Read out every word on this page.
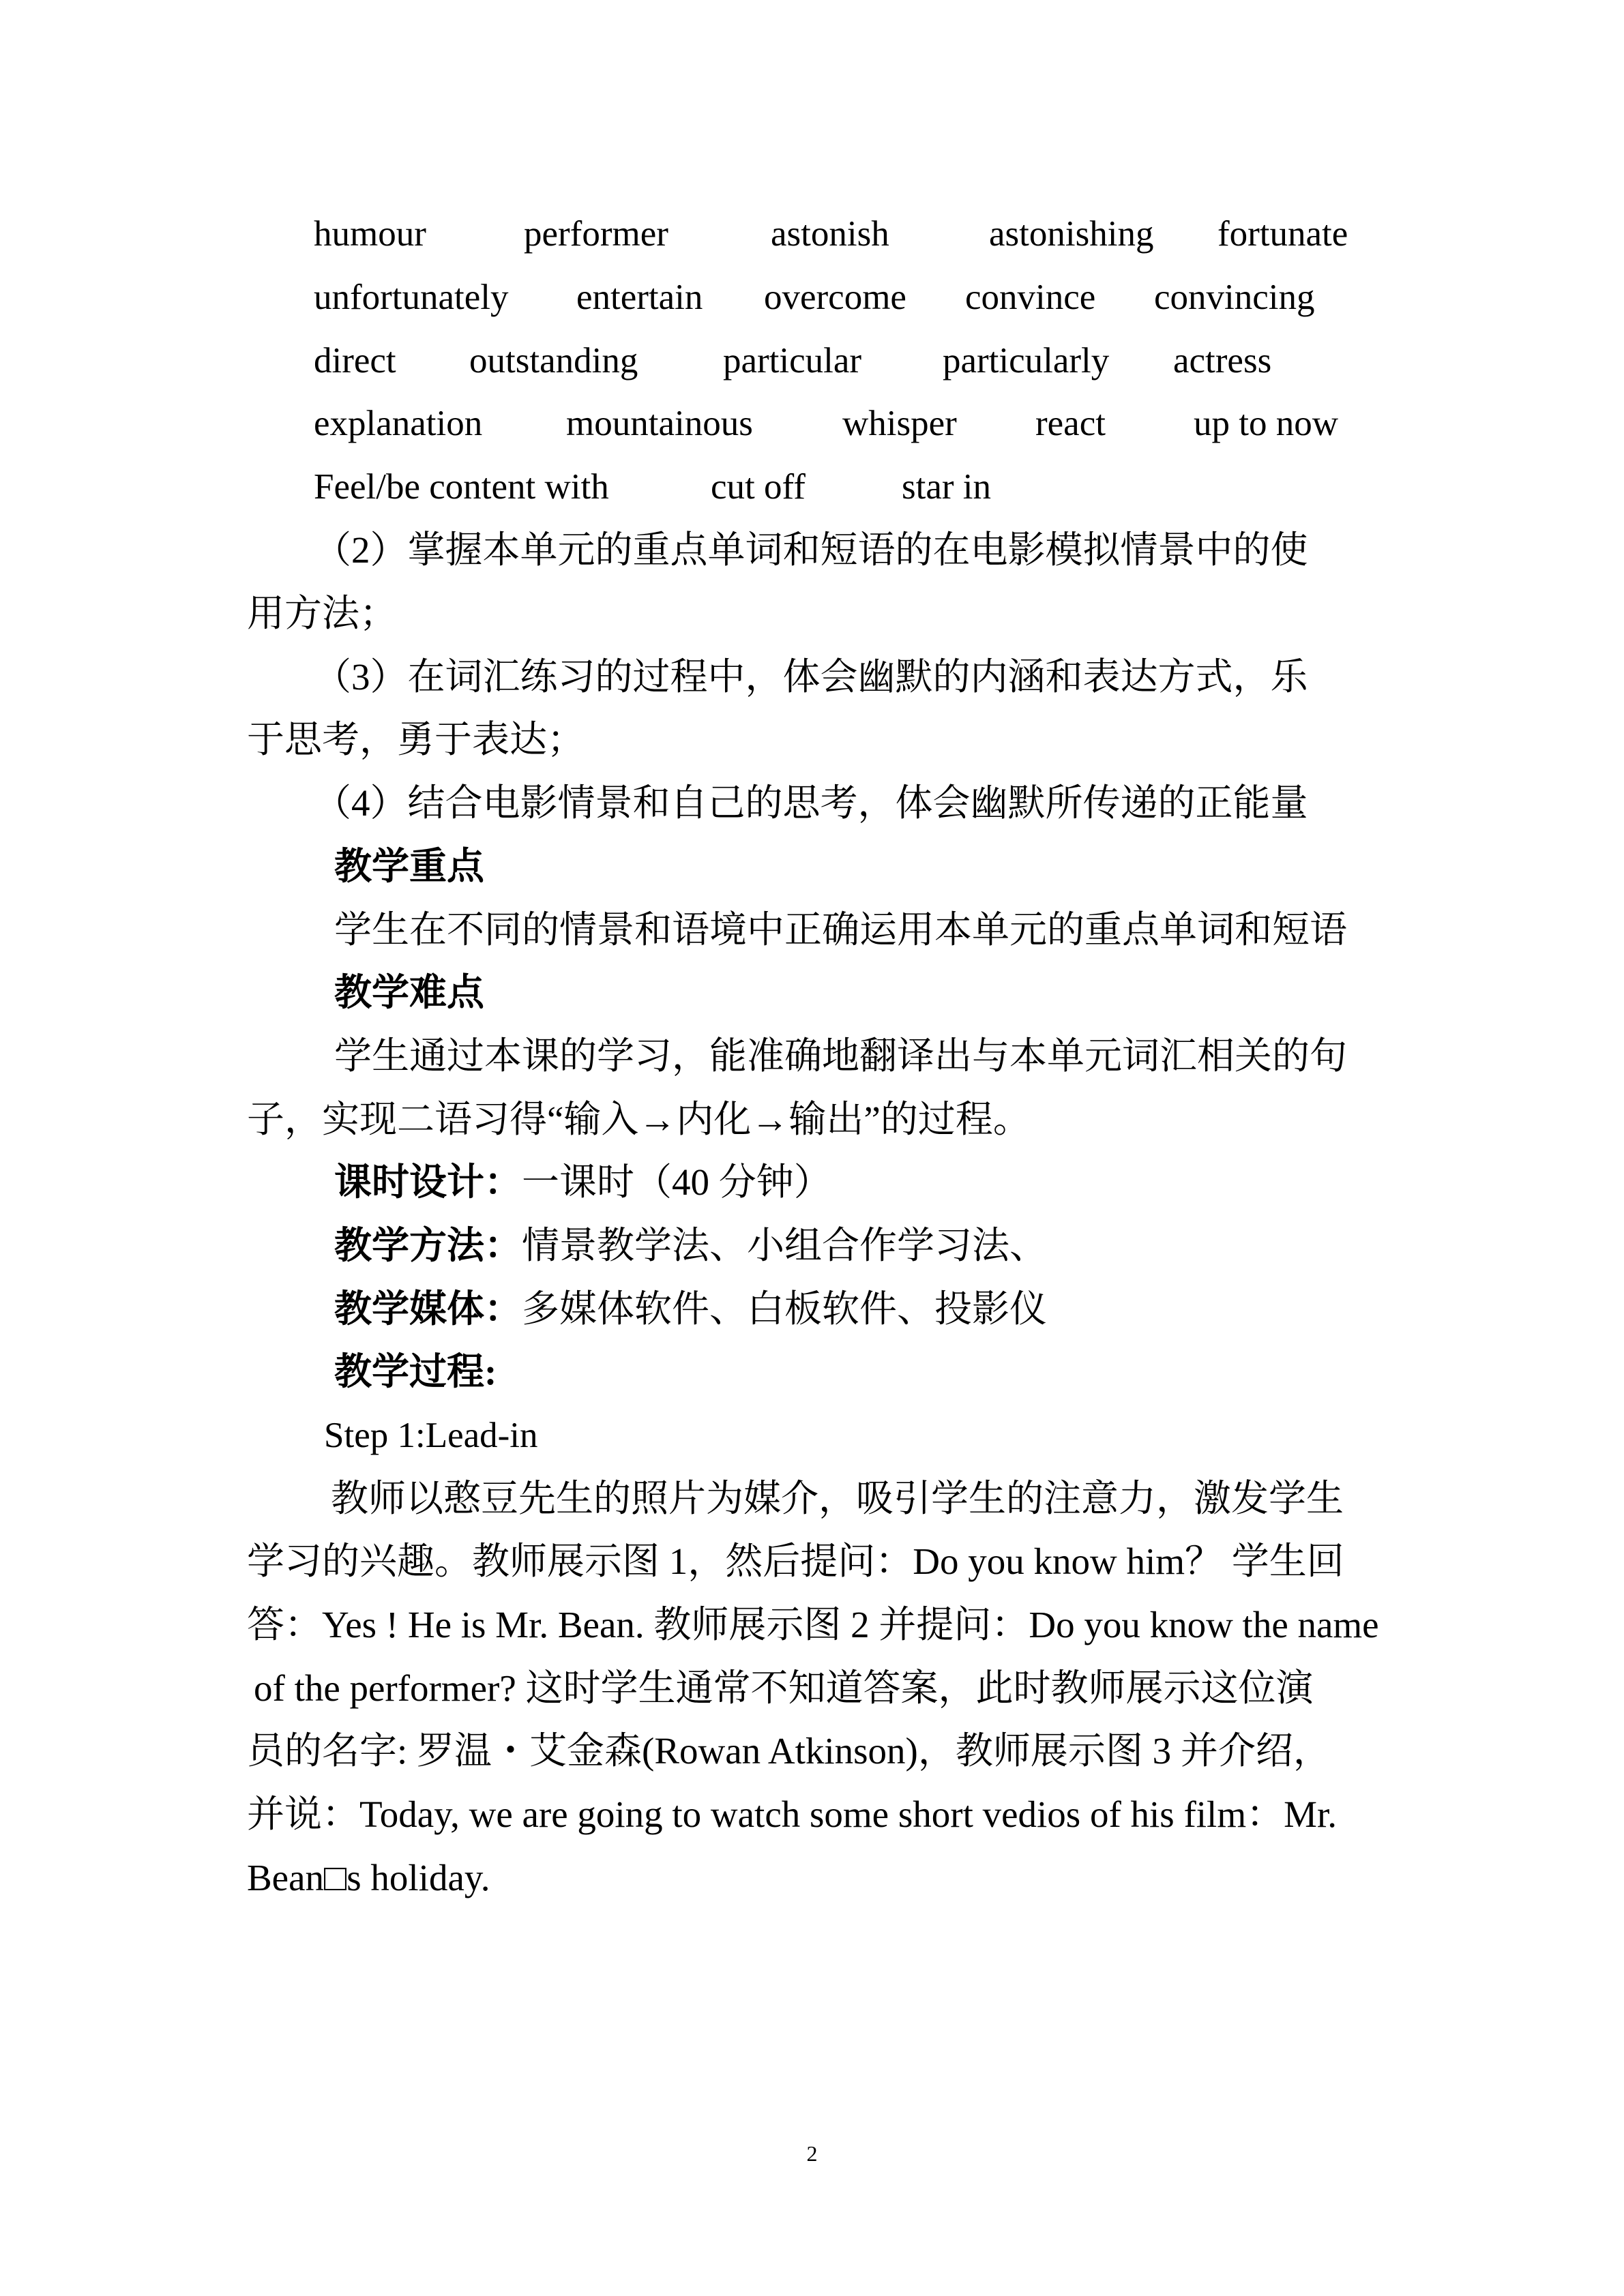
humour	performer	astonish	astonishing fortunate
unfortunately entertain overcome convince convincing
direct outstanding particular particularly actress
explanation mountainous whisper react up to now
Feel/be content with	cut off	star in
（2）掌握本单元的重点单词和短语的在电影模拟情景中的使
用方法；
（3）在词汇练习的过程中，体会幽默的内涵和表达方式，乐
于思考，勇于表达；
（4）结合电影情景和自己的思考，体会幽默所传递的正能量
教学重点
学生在不同的情景和语境中正确运用本单元的重点单词和短语
教学难点
学生通过本课的学习，能准确地翻译出与本单元词汇相关的句
子，实现二语习得“输入→内化→输出”的过程。
课时设计：一课时（40 分钟）
教学方法：情景教学法、小组合作学习法、
教学媒体：多媒体软件、白板软件、投影仪
教学过程:
Step 1:Lead-in
教师以憨豆先生的照片为媒介，吸引学生的注意力，激发学生
学习的兴趣。教师展示图 1，然后提问：Do you know him？ 学生回
答：Yes ! He is Mr. Bean. 教师展示图 2 并提问：Do you know the name
of the performer? 这时学生通常不知道答案，此时教师展示这位演
员的名字: 罗温・艾金森(Rowan Atkinson)，教师展示图 3 并介绍，
并说：Today, we are going to watch some short vedios of his film：Mr.
Bean□s holiday.
2
